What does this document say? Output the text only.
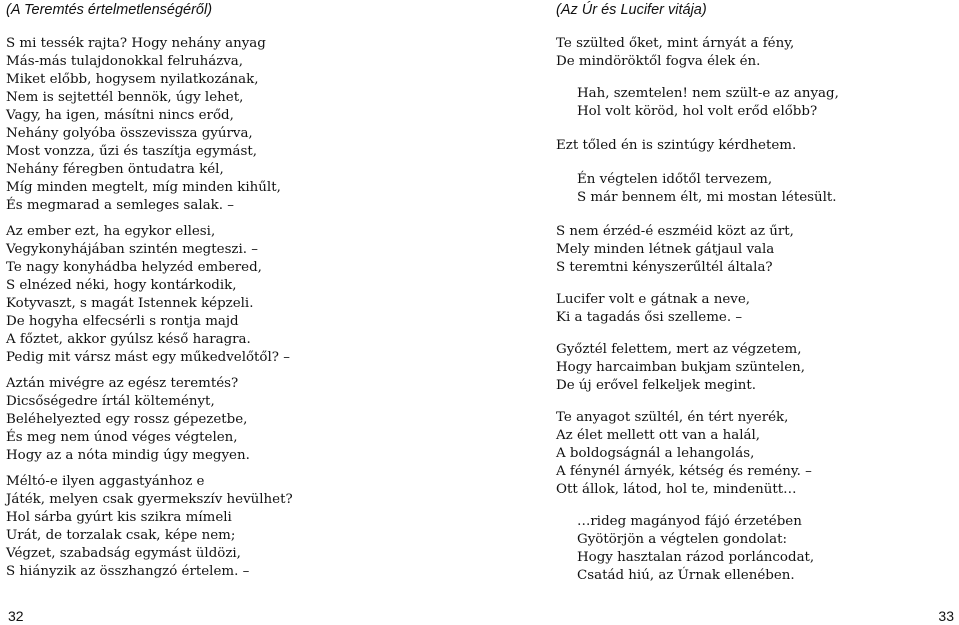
(A Teremtés értelmetlenségéről)
S mi tessék rajta? Hogy nehány anyag
Más-más tulajdonokkal felruházva,
Miket előbb, hogysem nyilatkozának,
Nem is sejtettél bennök, úgy lehet,
Vagy, ha igen, másítni nincs erőd,
Nehány golyóba összevissza gyúrva,
Most vonzza, űzi és taszítja egymást,
Nehány féregben öntudatra kél,
Míg minden megtelt, míg minden kihűlt,
És megmarad a semleges salak. –
Az ember ezt, ha egykor ellesi,
Vegykonyhájában szintén megteszi. –
Te nagy konyhádba helyzéd embered,
S elnézed néki, hogy kontárkodik,
Kotyvaszt, s magát Istennek képzeli.
De hogyha elfecsérli s rontja majd
A főztet, akkor gyúlsz késő haragra.
Pedig mit vársz mást egy műkedvelőtől? –
Aztán mivégre az egész teremtés?
Dicsőségedre írtál költeményt,
Beléhelyezted egy rossz gépezetbe,
És meg nem únod véges végtelen,
Hogy az a nóta mindig úgy megyen.
Méltó-e ilyen aggastyánhoz e
Játék, melyen csak gyermekszív hevülhet?
Hol sárba gyúrt kis szikra mímeli
Urát, de torzalak csak, képe nem;
Végzet, szabadság egymást üldözi,
S hiányzik az összhangzó értelem. –
(Az Úr és Lucifer vitája)
Te szülted őket, mint árnyát a fény,
De mindöröktől fogva élek én.
Hah, szemtelen! nem szült-e az anyag,
Hol volt köröd, hol volt erőd előbb?
Ezt tőled én is szintúgy kérdhetem.
Én végtelen időtől tervezem,
S már bennem élt, mi mostan létesült.
S nem érzéd-é eszméid közt az űrt,
Mely minden létnek gátjaul vala
S teremtni kényszerűltél általa?
Lucifer volt e gátnak a neve,
Ki a tagadás ősi szelleme. –
Győztél felettem, mert az végzetem,
Hogy harcaimban bukjam szüntelen,
De új erővel felkeljek megint.
Te anyagot szültél, én tért nyerék,
Az élet mellett ott van a halál,
A boldogságnál a lehangolás,
A fénynél árnyék, kétség és remény. –
Ott állok, látod, hol te, mindenütt…
…rideg magányod fájó érzetében
Gyötörjön a végtelen gondolat:
Hogy hasztalan rázod porláncodat,
Csatád hiú, az Úrnak ellenében.
32	33
